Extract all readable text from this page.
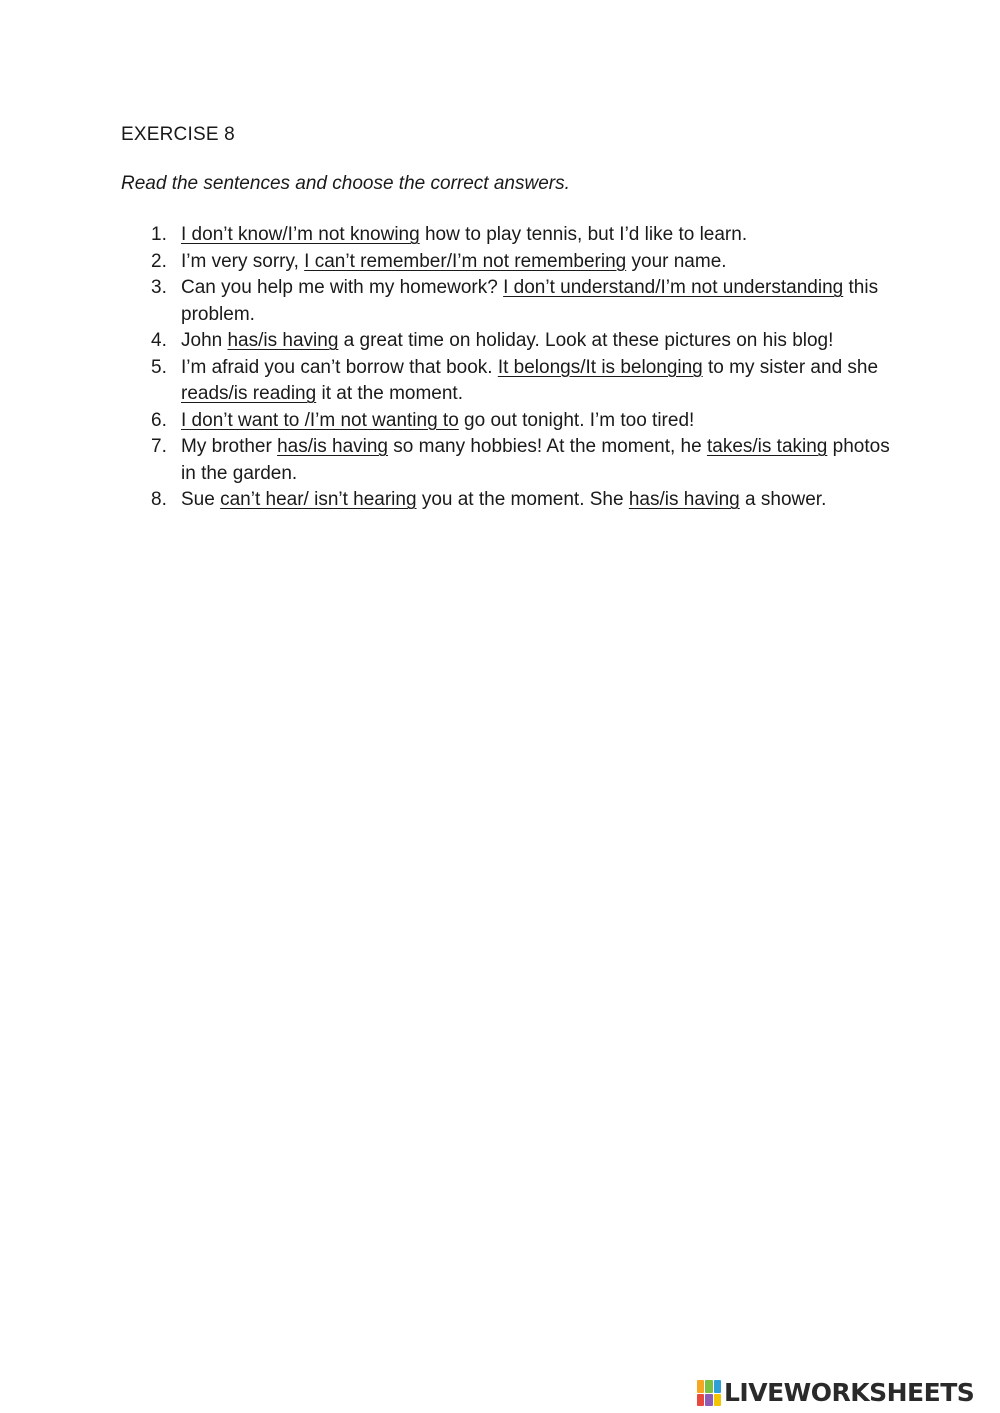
EXERCISE 8
Read the sentences and choose the correct answers.
1. I don’t know/I’m not knowing how to play tennis, but I’d like to learn.
2. I’m very sorry, I can’t remember/I’m not remembering your name.
3. Can you help me with my homework? I don’t understand/I’m not understanding this problem.
4. John has/is having a great time on holiday. Look at these pictures on his blog!
5. I’m afraid you can’t borrow that book. It belongs/It is belonging to my sister and she reads/is reading it at the moment.
6. I don’t want to /I’m not wanting to go out tonight. I’m too tired!
7. My brother has/is having so many hobbies! At the moment, he takes/is taking photos in the garden.
8. Sue can’t hear/ isn’t hearing you at the moment. She has/is having a shower.
LIVEWORKSHEETS
